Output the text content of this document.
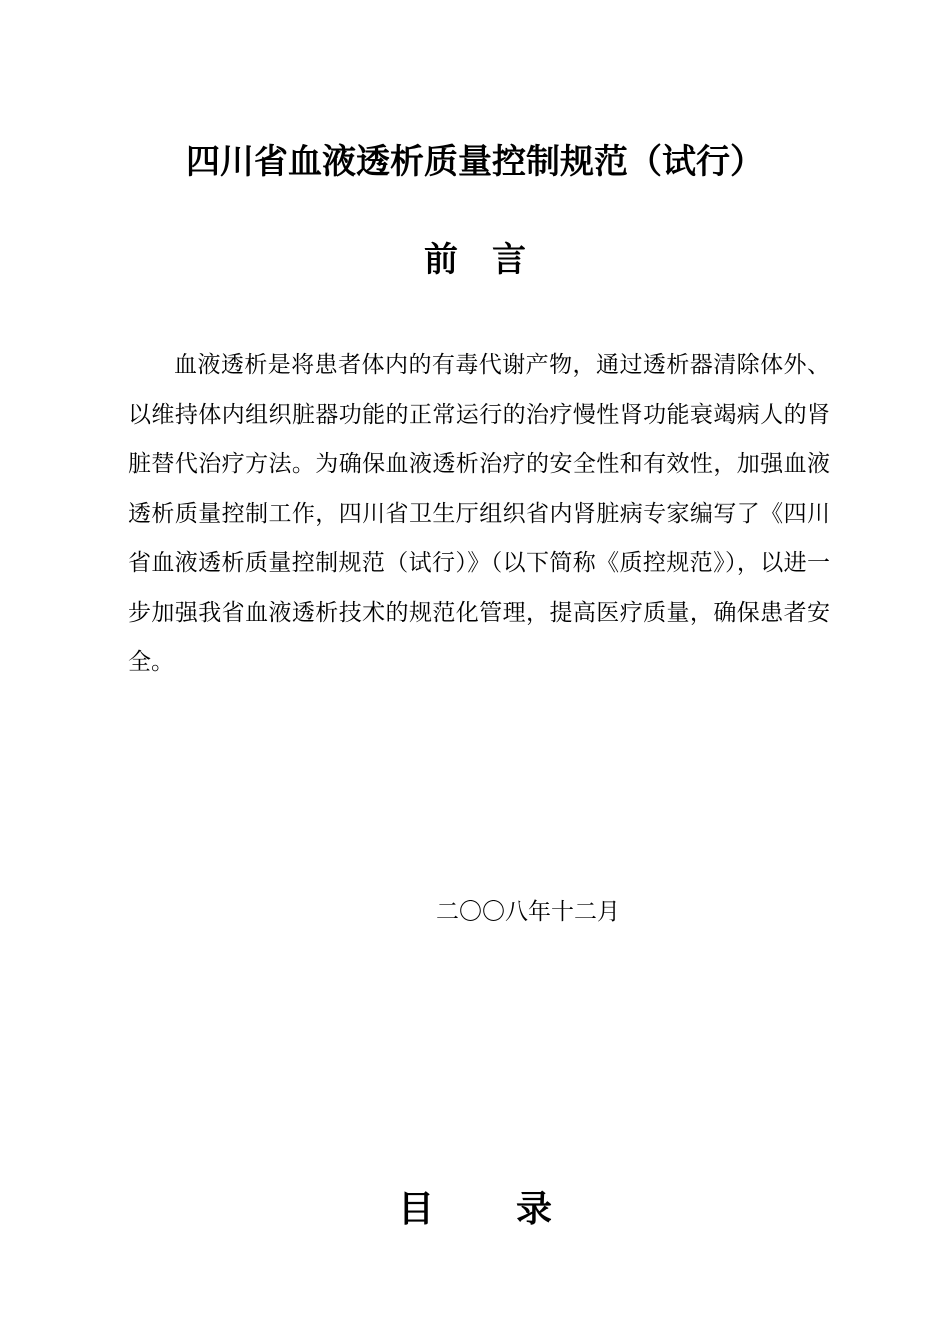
四川省血液透析质量控制规范（试行）
前 言

血液透析是将患者体内的有毒代谢产物，通过透析器清除体外、以维持体内组织脏器功能的正常运行的治疗慢性肾功能衰竭病人的肾脏替代治疗方法。为确保血液透析治疗的安全性和有效性，加强血液透析质量控制工作，四川省卫生厅组织省内肾脏病专家编写了《四川省血液透析质量控制规范（试行）》（以下简称《质控规范》），以进一步加强我省血液透析技术的规范化管理，提高医疗质量，确保患者安全。

二〇〇八年十二月

目 录
